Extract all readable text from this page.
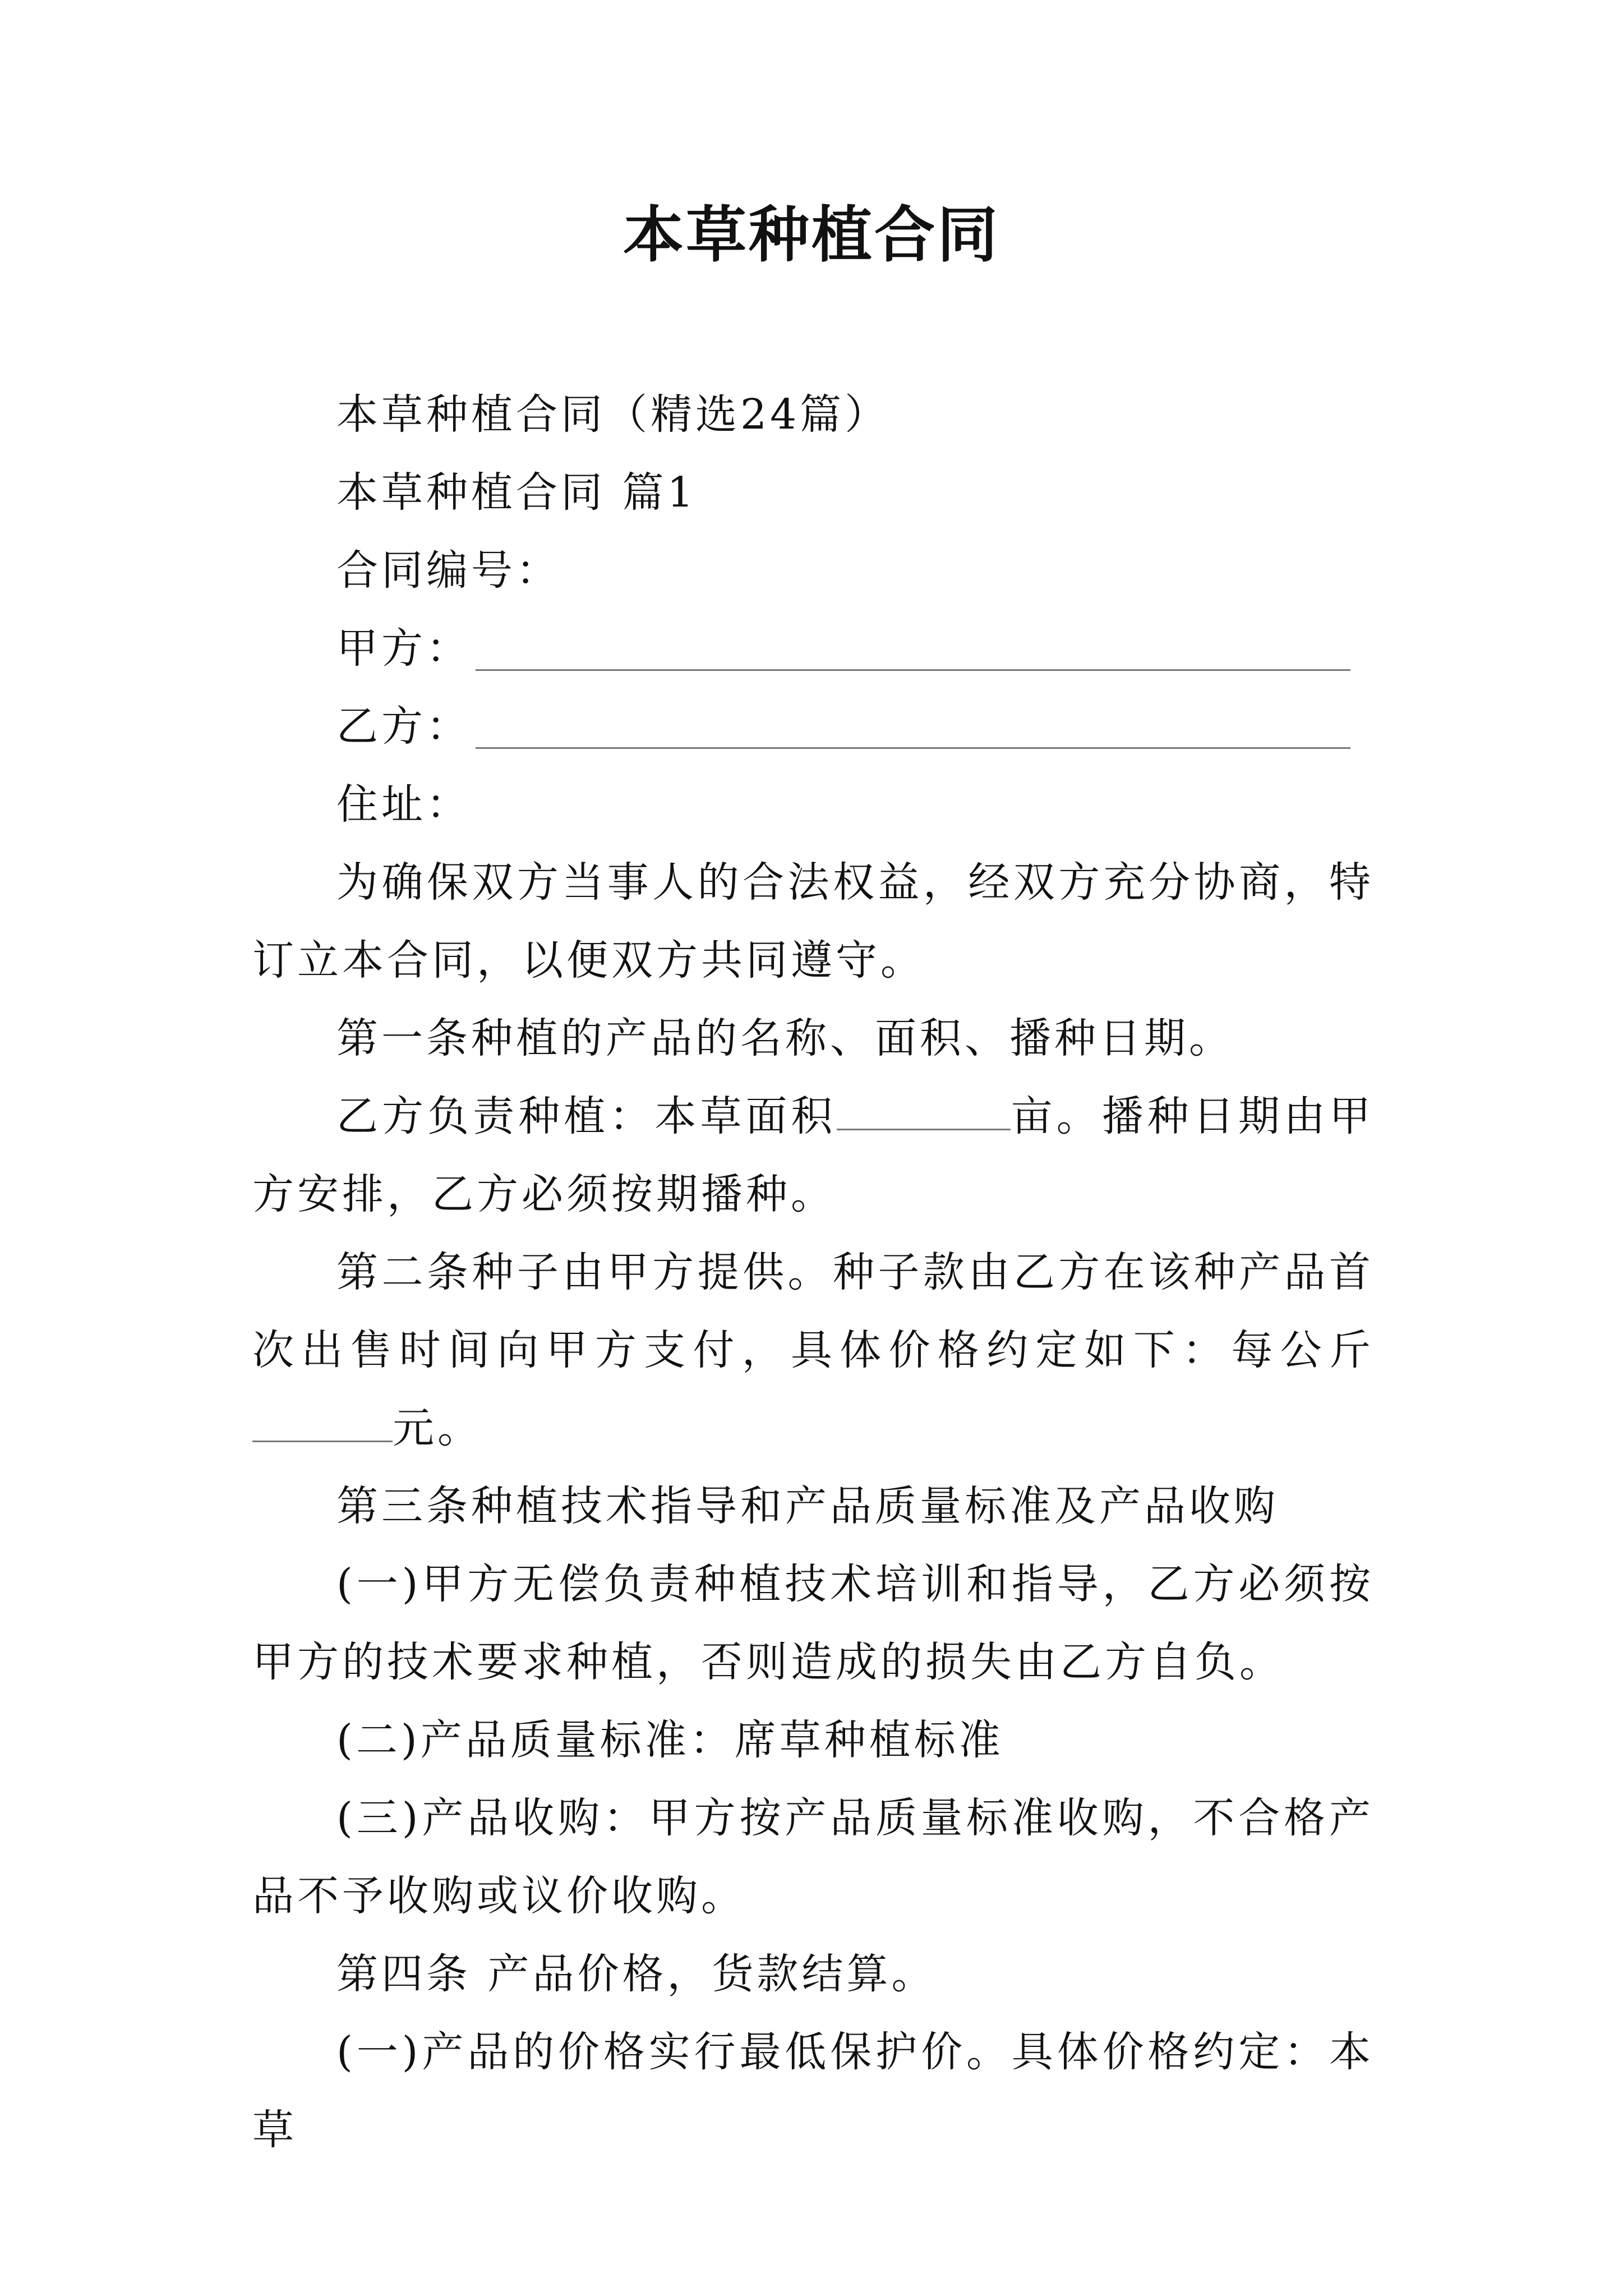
本草种植合同

本草种植合同（精选24篇）

本草种植合同 篇1

合同编号：

甲方：
乙方：

住址：

为确保双方当事人的合法权益，经双方充分协商，特订立本合同，以便双方共同遵守。

第一条种植的产品的名称、面积、播种日期。

乙方负责种植：本草面积	亩。播种日期由甲方安排，乙方必须按期播种。

第二条种子由甲方提供。种子款由乙方在该种产品首次出售时间向甲方支付，具体价格约定如下：每公斤元。

第三条种植技术指导和产品质量标准及产品收购

(一)甲方无偿负责种植技术培训和指导，乙方必须按甲方的技术要求种植，否则造成的损失由乙方自负。

(二)产品质量标准：席草种植标准

(三)产品收购：甲方按产品质量标准收购，不合格产品不予收购或议价收购。

第四条 产品价格，货款结算。

(一)产品的价格实行最低保护价。具体价格约定：本草
